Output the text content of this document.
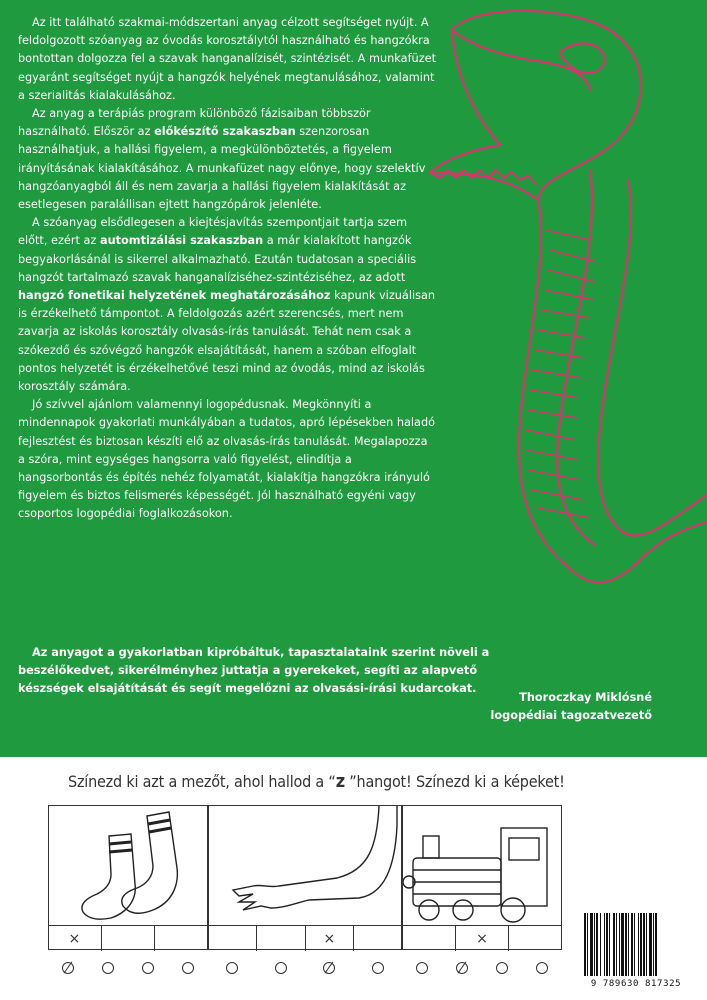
Az itt található szakmai-módszertani anyag célzott segítséget nyújt. A feldolgozott szóanyag az óvodás korosztálytól használható és hangzókra bontottan dolgozza fel a szavak hanganalízisét, szintézisét. A munkafüzet egyaránt segítséget nyújt a hangzók helyének megtanulásához, valamint a szerialitás kialakulásához.

Az anyag a terápiás program különböző fázisaiban többször használható. Először az előkészítő szakaszban szenzorosan használhatjuk, a hallási figyelem, a megkülönböztetés, a figyelem irányításának kialakításához. A munkafüzet nagy előnye, hogy szelektív hangzóanyagból áll és nem zavarja a hallási figyelem kialakítását az esetlegesen paralállisan ejtett hangzópárok jelenléte.

A szóanyag elsődlegesen a kiejtésjavítás szempontjait tartja szem előtt, ezért az automtizálási szakaszban a már kialakított hangzók begyakorlásánál is sikerrel alkalmazható. Ezután tudatosan a speciális hangzót tartalmazó szavak hanganalíziséhez-szintéziséhez, az adott hangzó fonetikai helyzetének meghatározásához kapunk vizuálisan is érzékelhető támpontot. A feldolgozás azért szerencsés, mert nem zavarja az iskolás korosztály olvasás-írás tanulását. Tehát nem csak a szókezdő és szóvégző hangzók elsajátítását, hanem a szóban elfoglalt pontos helyzetét is érzékelhetővé teszi mind az óvodás, mind az iskolás korosztály számára.

Jó szívvel ajánlom valamennyi logopédusnak. Megkönnyíti a mindennapok gyakorlati munkályában a tudatos, apró lépésekben haladó fejlesztést és biztosan készíti elő az olvasás-írás tanulását. Megalapozza a szóra, mint egységes hangsorra való figyelést, elindítja a hangsorbontás és építés nehéz folyamatát, kialakítja hangzókra irányuló figyelem és biztos felismerés képességét. Jól használható egyéni vagy csoportos logopédiai foglalkozásokon.

Az anyagot a gyakorlatban kipróbáltuk, tapasztalataink szerint növeli a beszélőkedvet, sikerélményhez juttatja a gyerekeket, segíti az alapvető készségek elsajátítását és segít megelőzni az olvasási-írási kudarcokat.
Thoroczkay Miklósné
logopédiai tagozatvezető
Színezd ki azt a mezőt, ahol hallod a “z ”hangot! Színezd ki a képeket!
×	×	×
9 789630 817325
